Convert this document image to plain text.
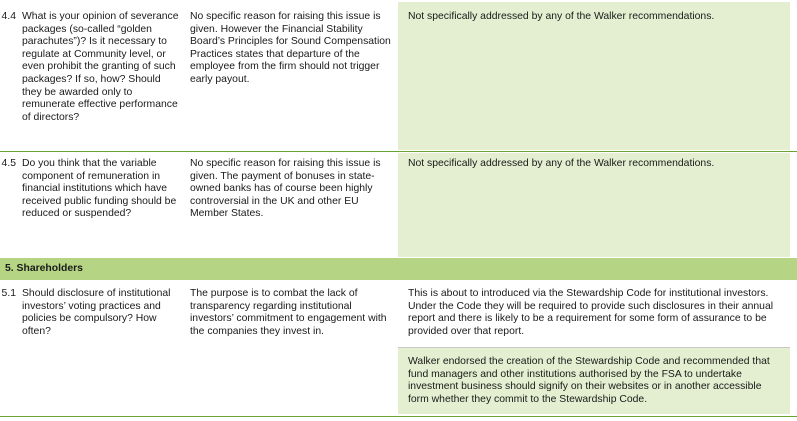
4.4 What is your opinion of severance packages (so-called “golden parachutes”)? Is it necessary to regulate at Community level, or even prohibit the granting of such packages? If so, how? Should they be awarded only to remunerate effective performance of directors?
No specific reason for raising this issue is given. However the Financial Stability Board’s Principles for Sound Compensation Practices states that departure of the employee from the firm should not trigger early payout.
Not specifically addressed by any of the Walker recommendations.
4.5 Do you think that the variable component of remuneration in financial institutions which have received public funding should be reduced or suspended?
No specific reason for raising this issue is given. The payment of bonuses in state-owned banks has of course been highly controversial in the UK and other EU Member States.
Not specifically addressed by any of the Walker recommendations.
5. Shareholders
5.1 Should disclosure of institutional investors’ voting practices and policies be compulsory? How often?
The purpose is to combat the lack of transparency regarding institutional investors’ commitment to engagement with the companies they invest in.
This is about to introduced via the Stewardship Code for institutional investors. Under the Code they will be required to provide such disclosures in their annual report and there is likely to be a requirement for some form of assurance to be provided over that report.
Walker endorsed the creation of the Stewardship Code and recommended that fund managers and other institutions authorised by the FSA to undertake investment business should signify on their websites or in another accessible form whether they commit to the Stewardship Code.
